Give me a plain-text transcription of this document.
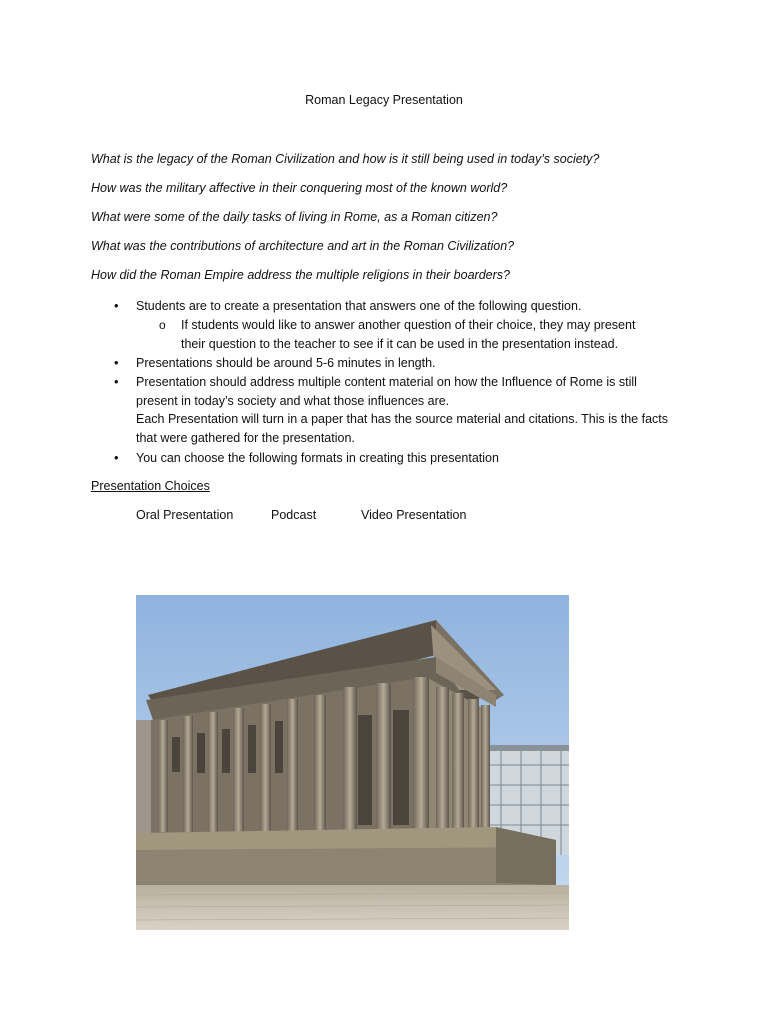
Roman Legacy Presentation
What is the legacy of the Roman Civilization and how is it still being used in today’s society?
How was the military affective in their conquering most of the known world?
What were some of the daily tasks of living in Rome, as a Roman citizen?
What was the contributions of architecture and art in the Roman Civilization?
How did the Roman Empire address the multiple religions in their boarders?
• Students are to create a presentation that answers one of the following question.
o If students would like to answer another question of their choice, they may present
their question to the teacher to see if it can be used in the presentation instead.
• Presentations should be around 5-6 minutes in length.
• Presentation should address multiple content material on how the Influence of Rome is still
present in today’s society and what those influences are.
Each Presentation will turn in a paper that has the source material and citations. This is the facts
that were gathered for the presentation.
• You can choose the following formats in creating this presentation
Presentation Choices
Oral Presentation	Podcast	Video Presentation
